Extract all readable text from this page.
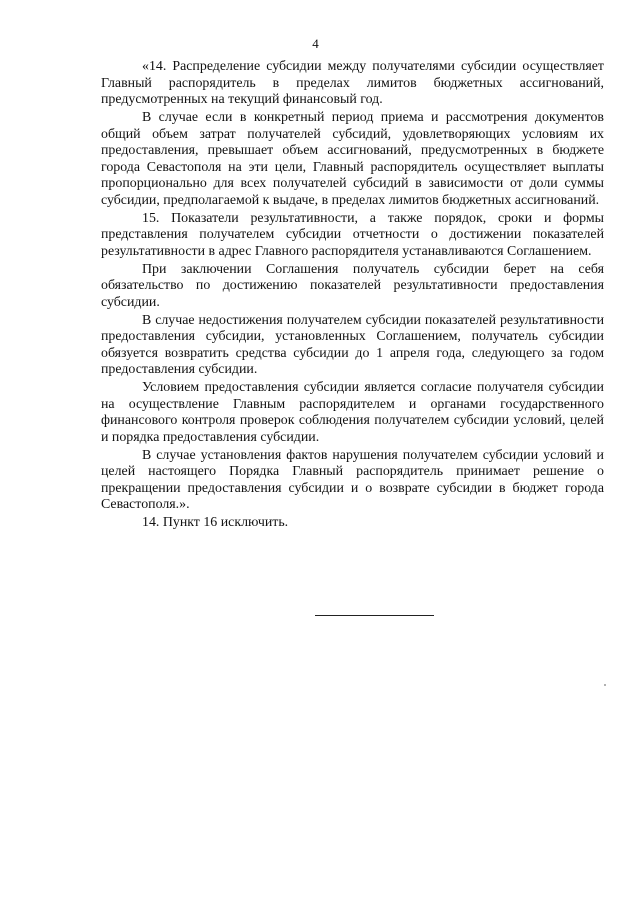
4

«14. Распределение субсидии между получателями субсидии осуществляет Главный распорядитель в пределах лимитов бюджетных ассигнований, предусмотренных на текущий финансовый год.

В случае если в конкретный период приема и рассмотрения документов общий объем затрат получателей субсидий, удовлетворяющих условиям их предоставления, превышает объем ассигнований, предусмотренных в бюджете города Севастополя на эти цели, Главный распорядитель осуществляет выплаты пропорционально для всех получателей субсидий в зависимости от доли суммы субсидии, предполагаемой к выдаче, в пределах лимитов бюджетных ассигнований.

15. Показатели результативности, а также порядок, сроки и формы представления получателем субсидии отчетности о достижении показателей результативности в адрес Главного распорядителя устанавливаются Соглашением.

При заключении Соглашения получатель субсидии берет на себя обязательство по достижению показателей результативности предоставления субсидии.

В случае недостижения получателем субсидии показателей результативности предоставления субсидии, установленных Соглашением, получатель субсидии обязуется возвратить средства субсидии до 1 апреля года, следующего за годом предоставления субсидии.

Условием предоставления субсидии является согласие получателя субсидии на осуществление Главным распорядителем и органами государственного финансового контроля проверок соблюдения получателем субсидии условий, целей и порядка предоставления субсидии.

В случае установления фактов нарушения получателем субсидии условий и целей настоящего Порядка Главный распорядитель принимает решение о прекращении предоставления субсидии и о возврате субсидии в бюджет города Севастополя.».

14. Пункт 16 исключить.
